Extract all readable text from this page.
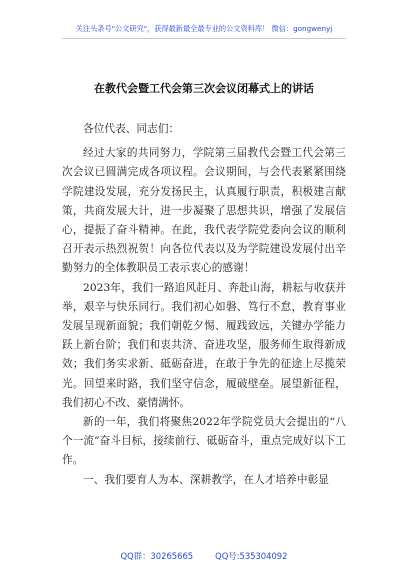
关注头条号"公文研究"，获得最新最全最专业的公文资料库！ 微信：gongwenyj
在教代会暨工代会第三次会议闭幕式上的讲话

各位代表、同志们：

经过大家的共同努力，学院第三届教代会暨工代会第三次会议已圆满完成各项议程。会议期间，与会代表紧紧围绕学院建设发展，充分发扬民主，认真履行职责，积极建言献策，共商发展大计，进一步凝聚了思想共识，增强了发展信心，提振了奋斗精神。在此，我代表学院党委向会议的顺利召开表示热烈祝贺！向各位代表以及为学院建设发展付出辛勤努力的全体教职员工表示衷心的感谢！

2023年，我们一路追风赶月、奔赴山海，耕耘与收获并举，艰辛与快乐同行。我们初心如磐、笃行不怠，教育事业发展呈现新面貌；我们朝乾夕惕、履践致远，关键办学能力跃上新台阶；我们和衷共济、奋进攻坚，服务师生取得新成效；我们务实求新、砥砺奋进，在敢于争先的征途上尽揽荣光。回望来时路，我们坚守信念，履破壁垒。展望新征程，我们初心不改、豪情满怀。

新的一年，我们将聚焦2022年学院党员大会提出的“八个一流”奋斗目标，接续前行、砥砺奋斗，重点完成好以下工作。

一、我们要育人为本、深耕教学，在人才培养中彰显

QQ群：30265665	QQ号:535304092
